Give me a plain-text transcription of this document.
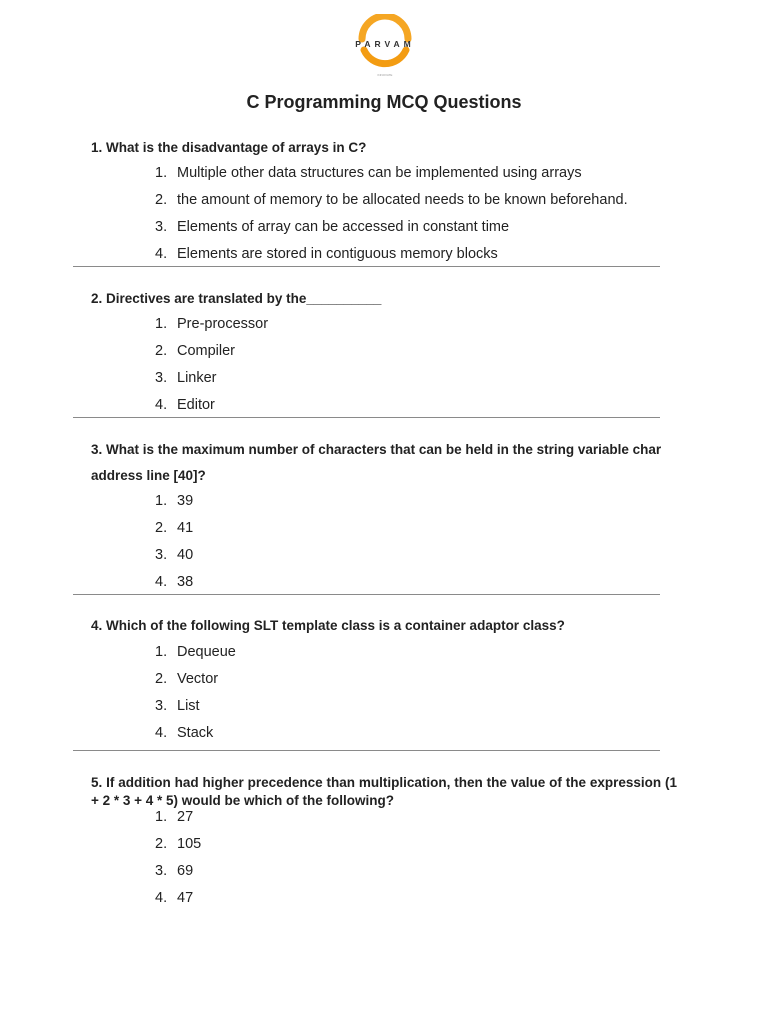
PARVAM
INNOVATE
C Programming MCQ Questions
1. What is the disadvantage of arrays in C?
1. Multiple other data structures can be implemented using arrays
2. the amount of memory to be allocated needs to be known beforehand.
3. Elements of array can be accessed in constant time
4. Elements are stored in contiguous memory blocks
2. Directives are translated by the__________
1. Pre-processor
2. Compiler
3. Linker
4. Editor
3. What is the maximum number of characters that can be held in the string variable char address line [40]?
1. 39
2. 41
3. 40
4. 38
4. Which of the following SLT template class is a container adaptor class?
1. Dequeue
2. Vector
3. List
4. Stack
5. If addition had higher precedence than multiplication, then the value of the expression (1 + 2 * 3 + 4 * 5) would be which of the following?
1. 27
2. 105
3. 69
4. 47
